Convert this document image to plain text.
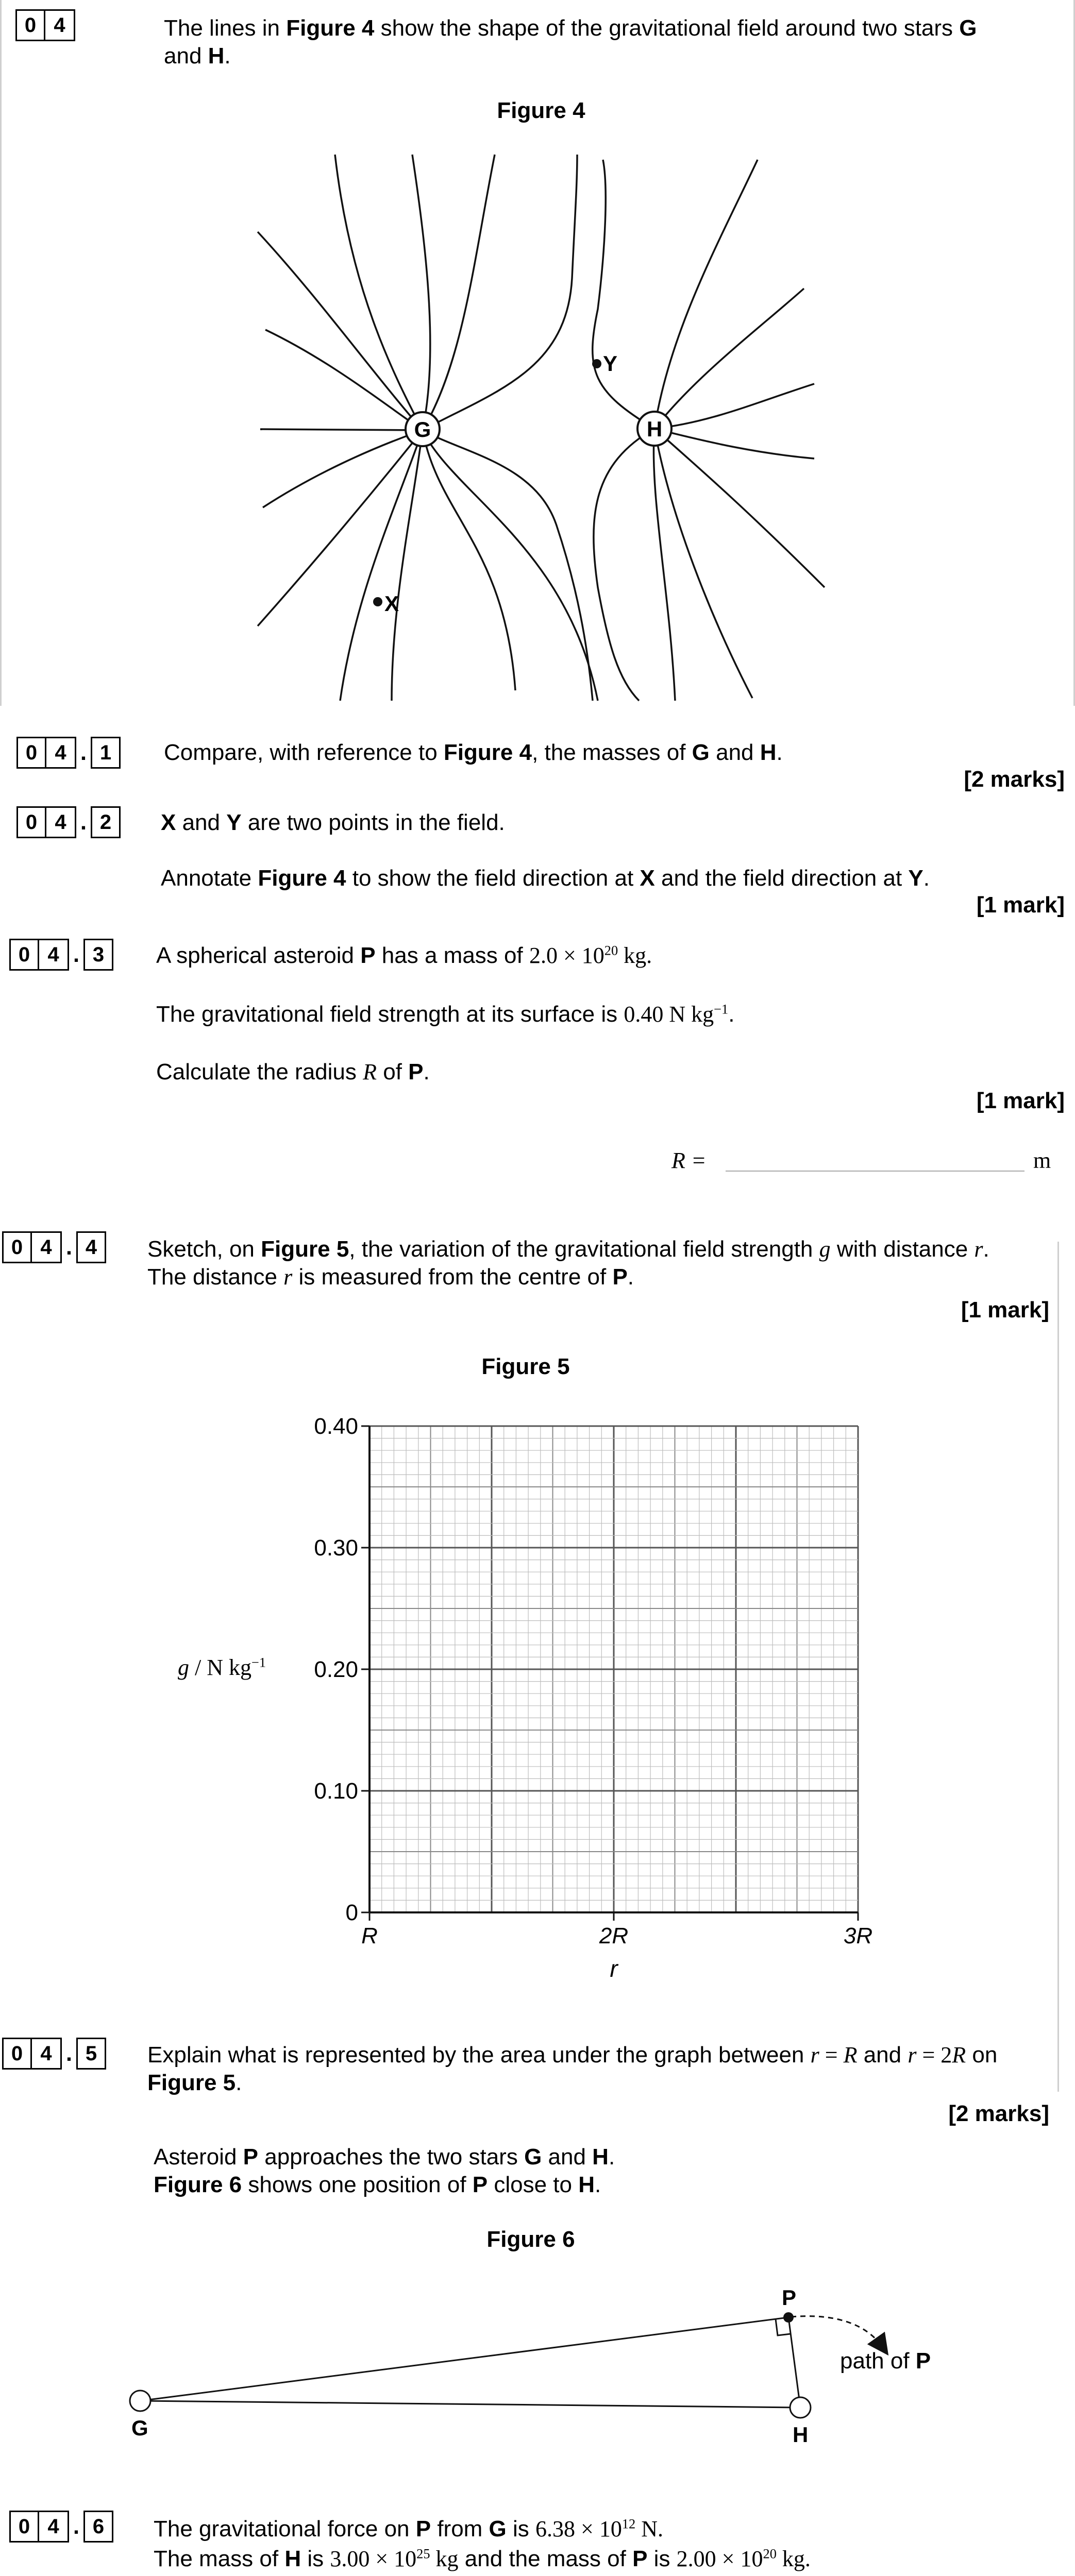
0 4	The lines in Figure 4 show the shape of the gravitational field around two stars G
and H.
Figure 4
G	H
X
Y
0 4 . 1	Compare, with reference to Figure 4, the masses of G and H.
[2 marks]
0 4 . 2	X and Y are two points in the field.
Annotate Figure 4 to show the field direction at X and the field direction at Y.
[1 mark]
0 4 . 3	A spherical asteroid P has a mass of $2.0 \times 10^{20}$ kg.
The gravitational field strength at its surface is 0.40 N $kg^{-1}$.
Calculate the radius R of P.
[1 mark]
R =	m
0 4 . 4	Sketch, on Figure 5, the variation of the gravitational field strength g with distance r.
The distance r is measured from the centre of P.
[1 mark]
Figure 5
0
0.10
0.20
0.30
0.40
R	2R	3R
r
g / N $kg^{-1}$
0 4 . 5	Explain what is represented by the area under the graph between r = R and r = 2R on
Figure 5.
[2 marks]
Asteroid P approaches the two stars G and H.
Figure 6 shows one position of P close to H.
Figure 6
P
G	H
path of P
0 4 . 6	The gravitational force on P from G is $6.38 \times 10^{12}$ N.
The mass of H is $3.00 \times 10^{25}$ kg and the mass of P is $2.00 \times 10^{20}$ kg.
